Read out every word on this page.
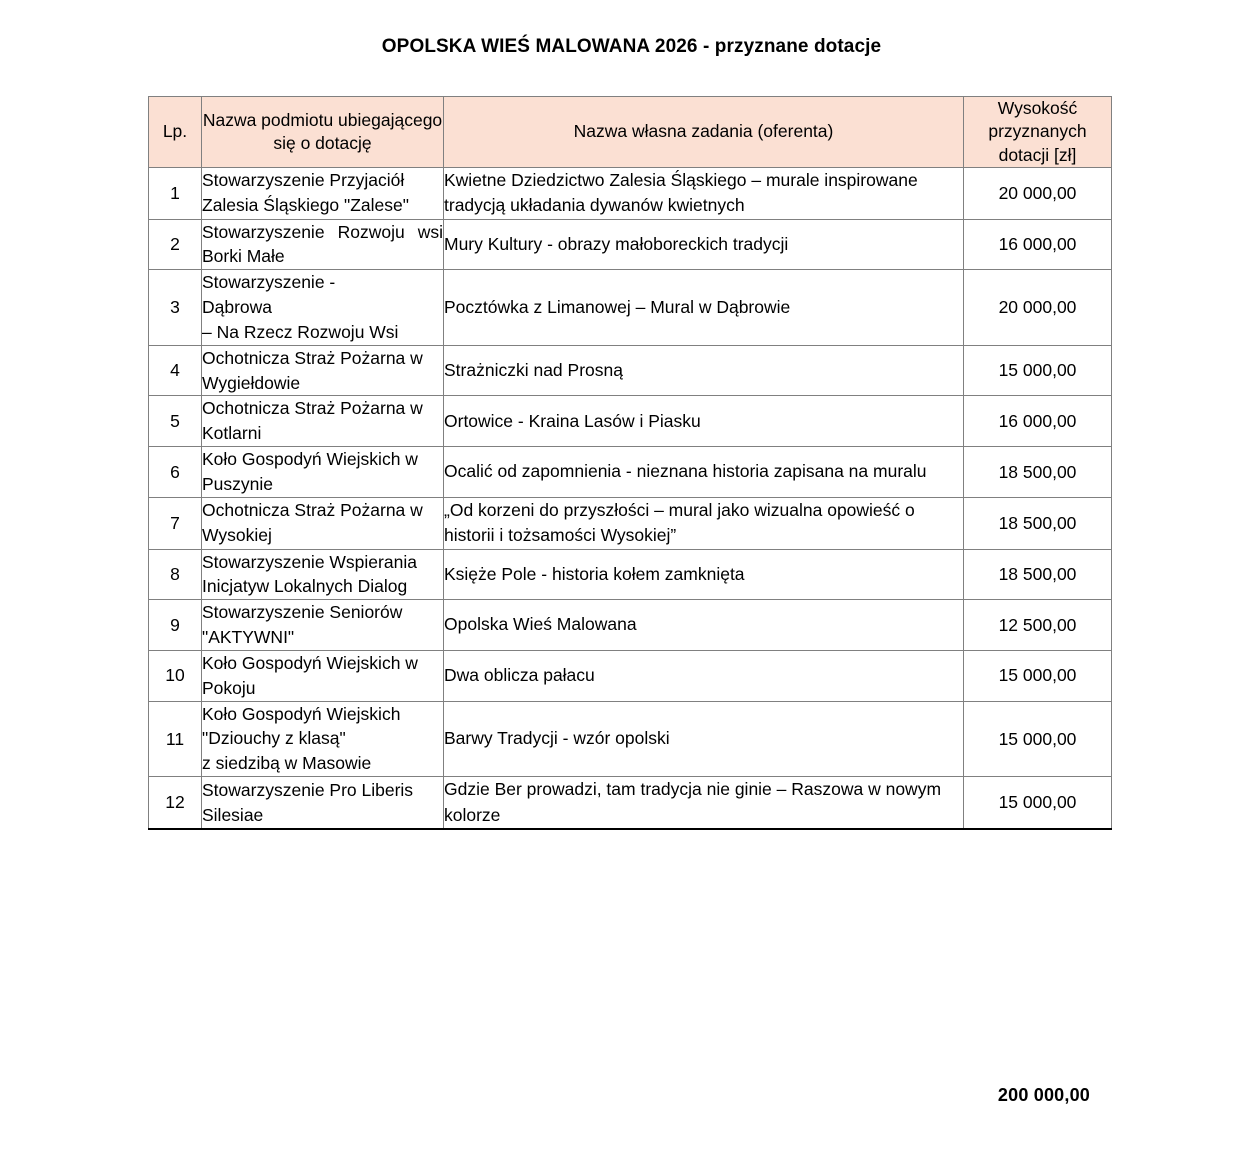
OPOLSKA WIEŚ MALOWANA 2026 - przyznane dotacje
Lp.	Nazwa podmiotu ubiegającego się o dotację	Nazwa własna zadania (oferenta)	Wysokość przyznanych dotacji [zł]
1	Stowarzyszenie Przyjaciół Zalesia Śląskiego "Zalese"	Kwietne Dziedzictwo Zalesia Śląskiego – murale inspirowane tradycją układania dywanów kwietnych	20 000,00
2	Stowarzyszenie Rozwoju wsi Borki Małe	Mury Kultury - obrazy małoboreckich tradycji	16 000,00
3	Stowarzyszenie -
Dąbrowa
– Na Rzecz Rozwoju Wsi	Pocztówka z Limanowej – Mural w Dąbrowie	20 000,00
4	Ochotnicza Straż Pożarna w Wygiełdowie	Strażniczki nad Prosną	15 000,00
5	Ochotnicza Straż Pożarna w Kotlarni	Ortowice - Kraina Lasów i Piasku	16 000,00
6	Koło Gospodyń Wiejskich w Puszynie	Ocalić od zapomnienia - nieznana historia zapisana na muralu	18 500,00
7	Ochotnicza Straż Pożarna w Wysokiej	„Od korzeni do przyszłości – mural jako wizualna opowieść o historii i tożsamości Wysokiej”	18 500,00
8	Stowarzyszenie Wspierania Inicjatyw Lokalnych Dialog	Księże Pole - historia kołem zamknięta	18 500,00
9	Stowarzyszenie Seniorów "AKTYWNI"	Opolska Wieś Malowana	12 500,00
10	Koło Gospodyń Wiejskich w Pokoju	Dwa oblicza pałacu	15 000,00
11	Koło Gospodyń Wiejskich "Dziouchy z klasą"
z siedzibą w Masowie	Barwy Tradycji - wzór opolski	15 000,00
12	Stowarzyszenie Pro Liberis Silesiae	Gdzie Ber prowadzi, tam tradycja nie ginie – Raszowa w nowym kolorze	15 000,00
200 000,00
